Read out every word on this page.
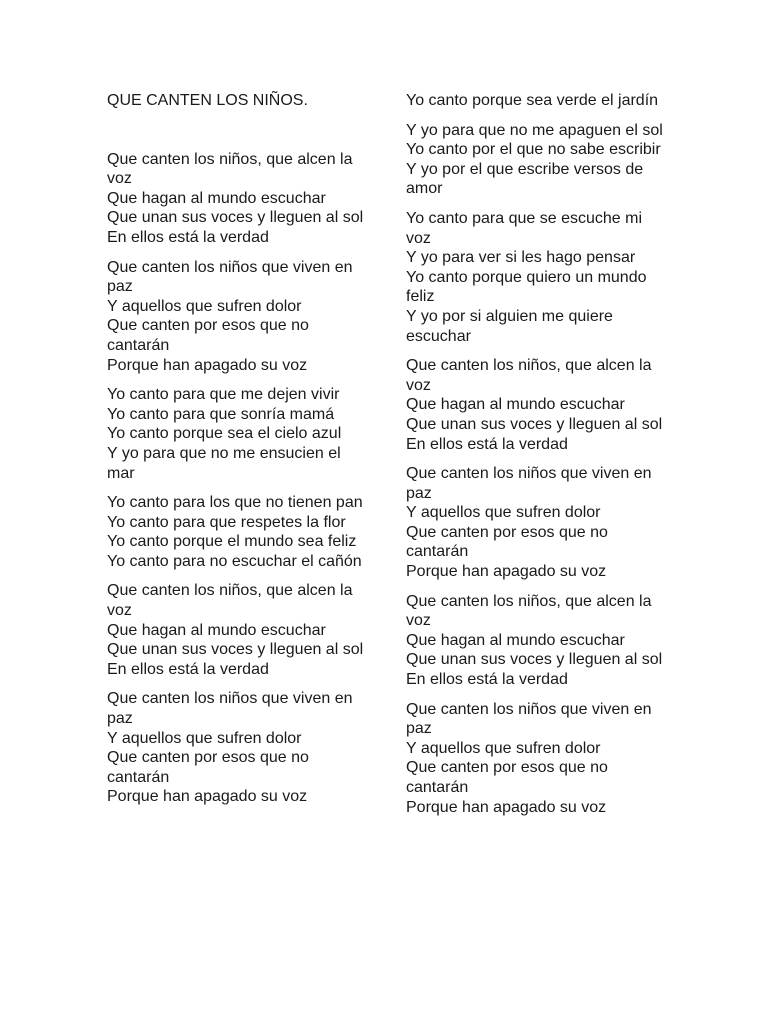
QUE CANTEN LOS NIÑOS.
Que canten los niños, que alcen la voz
Que hagan al mundo escuchar
Que unan sus voces y lleguen al sol
En ellos está la verdad
Que canten los niños que viven en paz
Y aquellos que sufren dolor
Que canten por esos que no cantarán
Porque han apagado su voz
Yo canto para que me dejen vivir
Yo canto para que sonría mamá
Yo canto porque sea el cielo azul
Y yo para que no me ensucien el mar
Yo canto para los que no tienen pan
Yo canto para que respetes la flor
Yo canto porque el mundo sea feliz
Yo canto para no escuchar el cañón
Que canten los niños, que alcen la voz
Que hagan al mundo escuchar
Que unan sus voces y lleguen al sol
En ellos está la verdad
Que canten los niños que viven en paz
Y aquellos que sufren dolor
Que canten por esos que no cantarán
Porque han apagado su voz
Yo canto porque sea verde el jardín
Y yo para que no me apaguen el sol
Yo canto por el que no sabe escribir
Y yo por el que escribe versos de amor
Yo canto para que se escuche mi voz
Y yo para ver si les hago pensar
Yo canto porque quiero un mundo feliz
Y yo por si alguien me quiere escuchar
Que canten los niños, que alcen la voz
Que hagan al mundo escuchar
Que unan sus voces y lleguen al sol
En ellos está la verdad
Que canten los niños que viven en paz
Y aquellos que sufren dolor
Que canten por esos que no cantarán
Porque han apagado su voz
Que canten los niños, que alcen la voz
Que hagan al mundo escuchar
Que unan sus voces y lleguen al sol
En ellos está la verdad
Que canten los niños que viven en paz
Y aquellos que sufren dolor
Que canten por esos que no cantarán
Porque han apagado su voz
